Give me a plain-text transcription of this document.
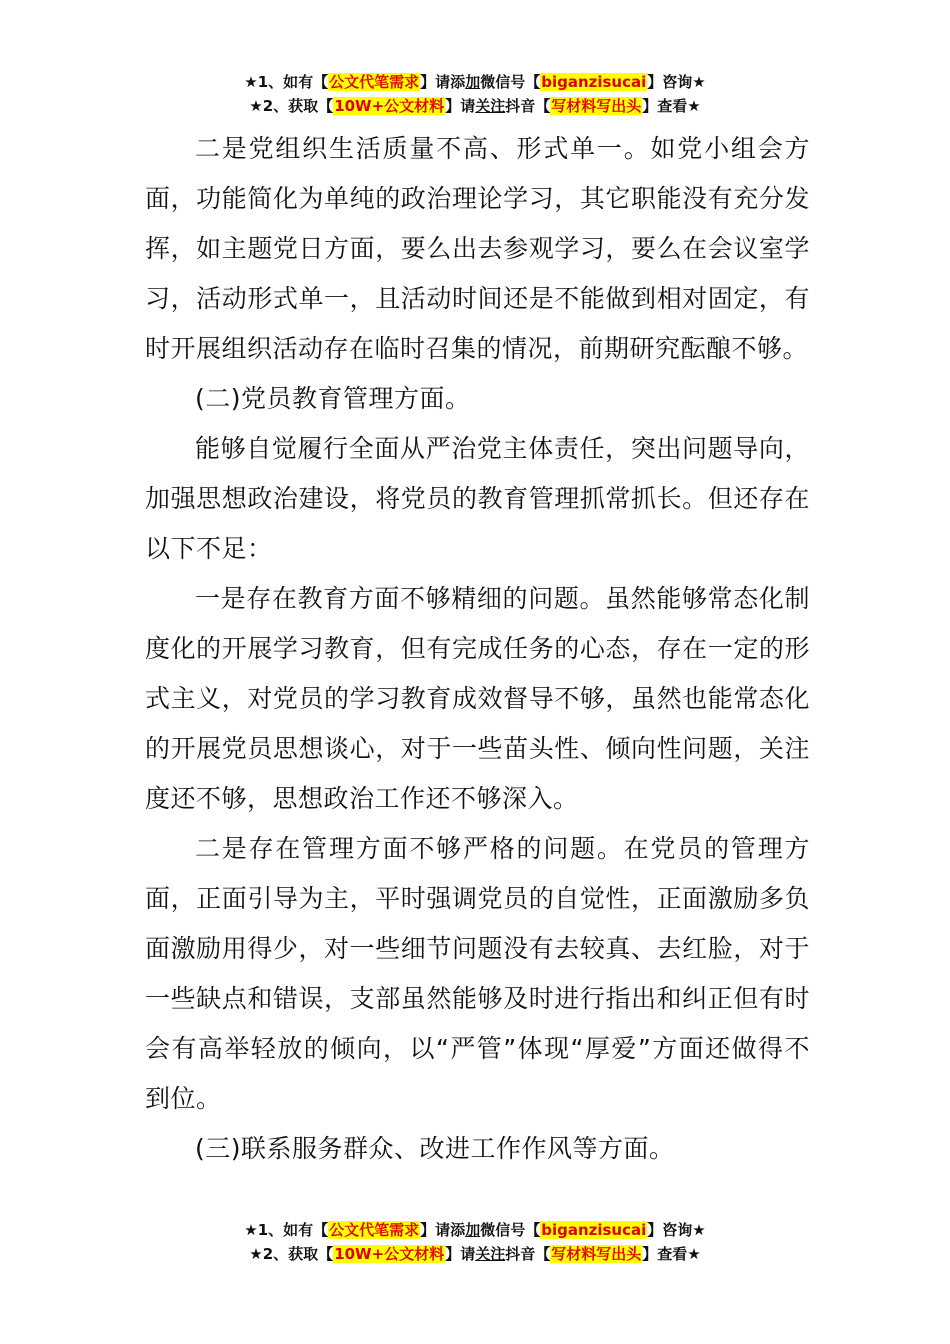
★1、如有【公文代笔需求】请添加微信号【biganzisucai】咨询★
★2、获取【10W+公文材料】请关注抖音【写材料写出头】查看★

二是党组织生活质量不高、形式单一。如党小组会方面，功能简化为单纯的政治理论学习，其它职能没有充分发挥，如主题党日方面，要么出去参观学习，要么在会议室学习，活动形式单一，且活动时间还是不能做到相对固定，有时开展组织活动存在临时召集的情况，前期研究酝酿不够。

(二)党员教育管理方面。

能够自觉履行全面从严治党主体责任，突出问题导向，加强思想政治建设，将党员的教育管理抓常抓长。但还存在以下不足：

一是存在教育方面不够精细的问题。虽然能够常态化制度化的开展学习教育，但有完成任务的心态，存在一定的形式主义，对党员的学习教育成效督导不够，虽然也能常态化的开展党员思想谈心，对于一些苗头性、倾向性问题，关注度还不够，思想政治工作还不够深入。

二是存在管理方面不够严格的问题。在党员的管理方面，正面引导为主，平时强调党员的自觉性，正面激励多负面激励用得少，对一些细节问题没有去较真、去红脸，对于一些缺点和错误，支部虽然能够及时进行指出和纠正但有时会有高举轻放的倾向，以“严管”体现“厚爱”方面还做得不到位。

(三)联系服务群众、改进工作作风等方面。

★1、如有【公文代笔需求】请添加微信号【biganzisucai】咨询★
★2、获取【10W+公文材料】请关注抖音【写材料写出头】查看★
